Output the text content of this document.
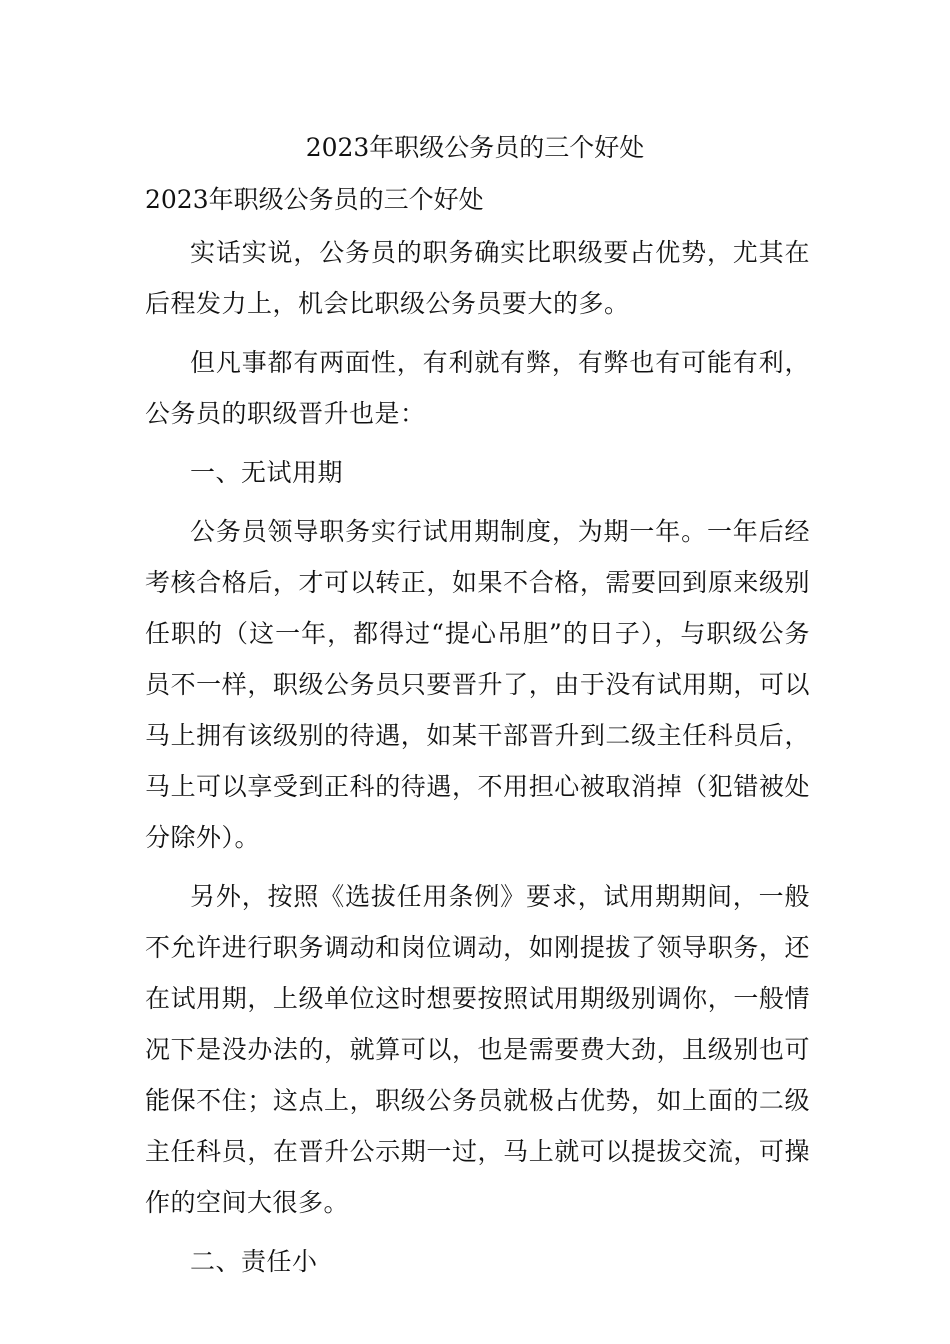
2023年职级公务员的三个好处
2023年职级公务员的三个好处

实话实说，公务员的职务确实比职级要占优势，尤其在后程发力上，机会比职级公务员要大的多。

但凡事都有两面性，有利就有弊，有弊也有可能有利，公务员的职级晋升也是：

一、无试用期

公务员领导职务实行试用期制度，为期一年。一年后经考核合格后，才可以转正，如果不合格，需要回到原来级别任职的（这一年，都得过“提心吊胆”的日子），与职级公务员不一样，职级公务员只要晋升了，由于没有试用期，可以马上拥有该级别的待遇，如某干部晋升到二级主任科员后，马上可以享受到正科的待遇，不用担心被取消掉（犯错被处分除外）。

另外，按照《选拔任用条例》要求，试用期期间，一般不允许进行职务调动和岗位调动，如刚提拔了领导职务，还在试用期，上级单位这时想要按照试用期级别调你，一般情况下是没办法的，就算可以，也是需要费大劲，且级别也可能保不住；这点上，职级公务员就极占优势，如上面的二级主任科员，在晋升公示期一过，马上就可以提拔交流，可操作的空间大很多。

二、责任小
